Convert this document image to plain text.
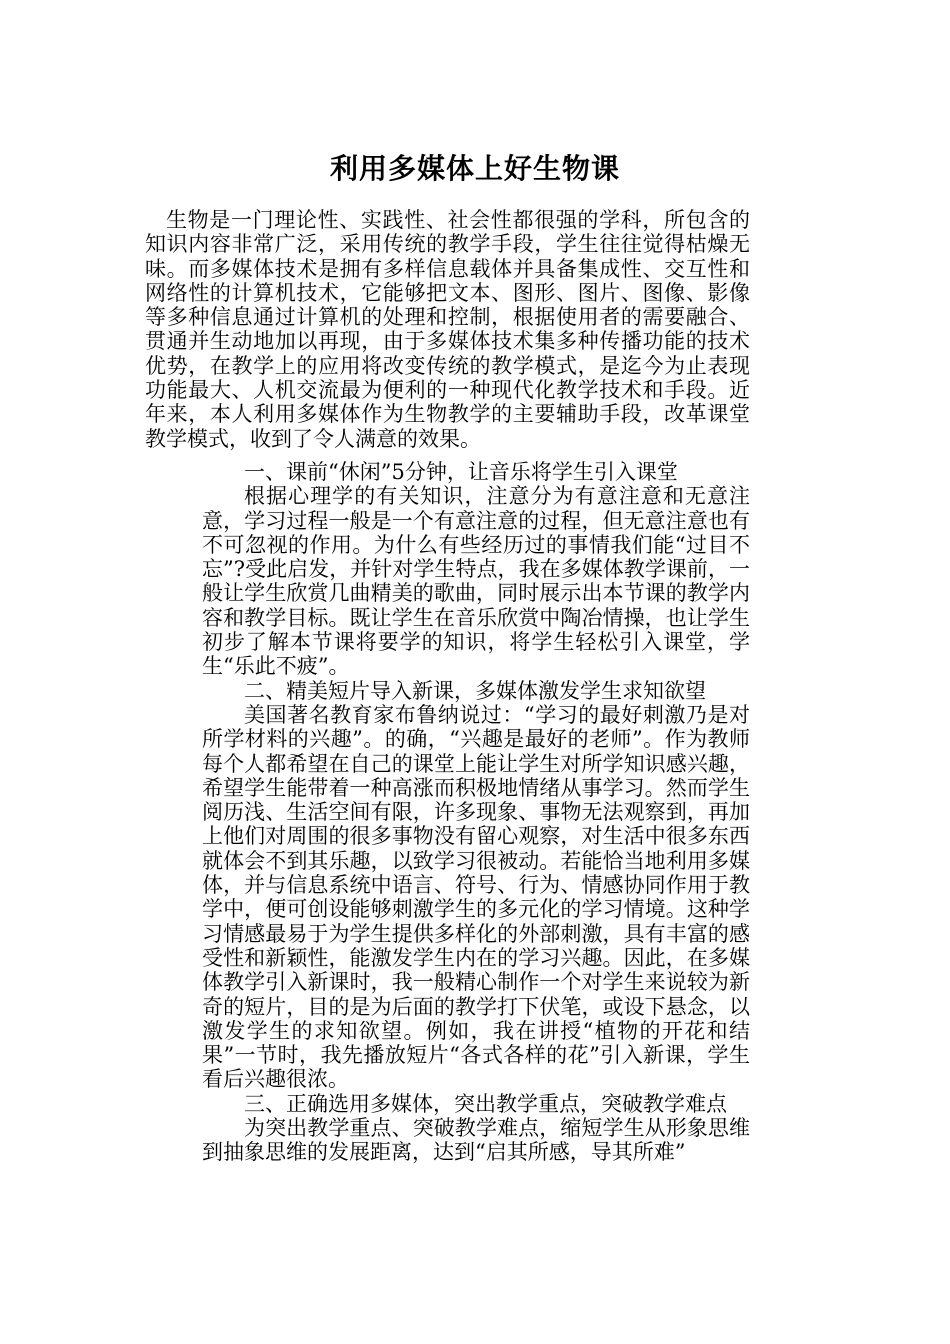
利用多媒体上好生物课

生物是一门理论性、实践性、社会性都很强的学科，所包含的知识内容非常广泛，采用传统的教学手段，学生往往觉得枯燥无味。而多媒体技术是拥有多样信息载体并具备集成性、交互性和网络性的计算机技术，它能够把文本、图形、图片、图像、影像等多种信息通过计算机的处理和控制，根据使用者的需要融合、贯通并生动地加以再现，由于多媒体技术集多种传播功能的技术优势，在教学上的应用将改变传统的教学模式，是迄今为止表现功能最大、人机交流最为便利的一种现代化教学技术和手段。近年来，本人利用多媒体作为生物教学的主要辅助手段，改革课堂教学模式，收到了令人满意的效果。

一、课前“休闲”5分钟，让音乐将学生引入课堂

根据心理学的有关知识，注意分为有意注意和无意注意，学习过程一般是一个有意注意的过程，但无意注意也有不可忽视的作用。为什么有些经历过的事情我们能“过目不忘”?受此启发，并针对学生特点，我在多媒体教学课前，一般让学生欣赏几曲精美的歌曲，同时展示出本节课的教学内容和教学目标。既让学生在音乐欣赏中陶冶情操，也让学生初步了解本节课将要学的知识，将学生轻松引入课堂，学生“乐此不疲”。

二、精美短片导入新课，多媒体激发学生求知欲望

美国著名教育家布鲁纳说过：“学习的最好刺激乃是对所学材料的兴趣”。的确，“兴趣是最好的老师”。作为教师每个人都希望在自己的课堂上能让学生对所学知识感兴趣，希望学生能带着一种高涨而积极地情绪从事学习。然而学生阅历浅、生活空间有限，许多现象、事物无法观察到，再加上他们对周围的很多事物没有留心观察，对生活中很多东西就体会不到其乐趣，以致学习很被动。若能恰当地利用多媒体，并与信息系统中语言、符号、行为、情感协同作用于教学中，便可创设能够刺激学生的多元化的学习情境。这种学习情感最易于为学生提供多样化的外部刺激，具有丰富的感受性和新颖性，能激发学生内在的学习兴趣。因此，在多媒体教学引入新课时，我一般精心制作一个对学生来说较为新奇的短片，目的是为后面的教学打下伏笔，或设下悬念，以激发学生的求知欲望。例如，我在讲授“植物的开花和结果”一节时，我先播放短片“各式各样的花”引入新课，学生看后兴趣很浓。

三、正确选用多媒体，突出教学重点，突破教学难点

为突出教学重点、突破教学难点，缩短学生从形象思维到抽象思维的发展距离，达到“启其所感，导其所难”
